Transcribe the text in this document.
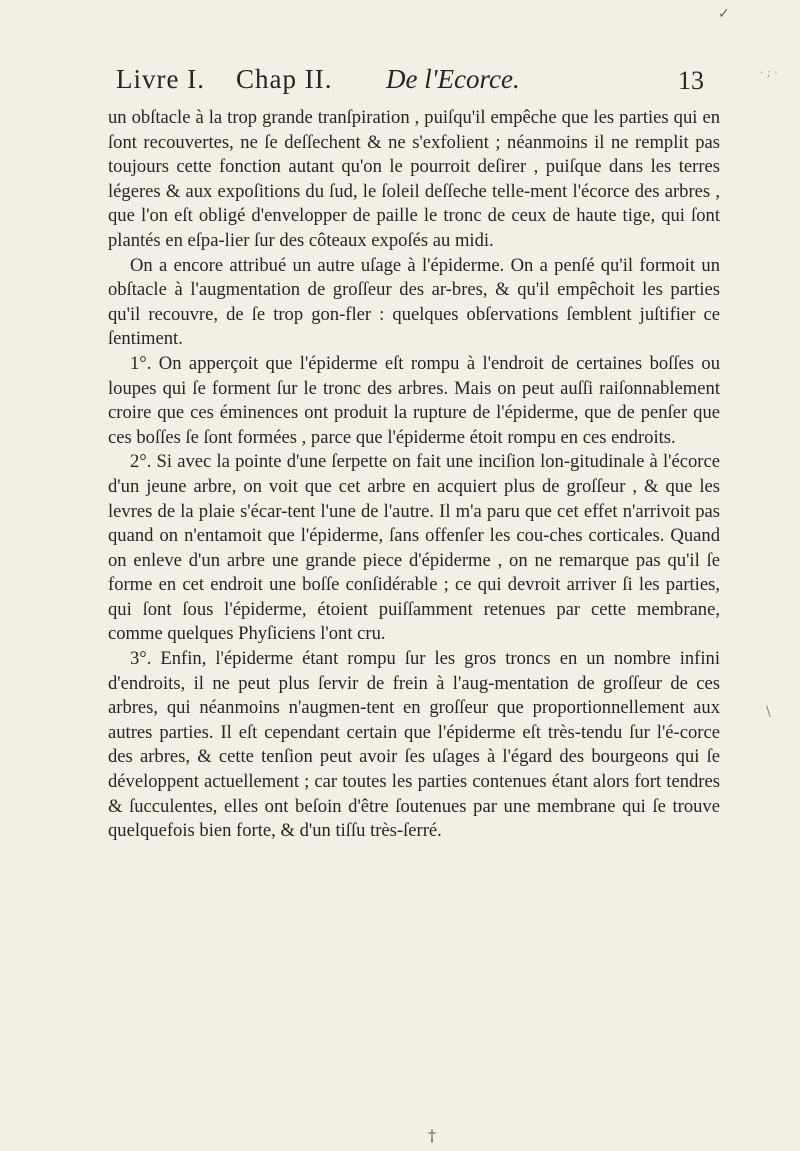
✓
· ; ·
Livre I. Chap II. De l'Ecorce.	13

un obſtacle à la trop grande tranſpiration , puiſqu'il empêche que les parties qui en ſont recouvertes, ne ſe deſſechent & ne s'exfolient ; néanmoins il ne remplit pas toujours cette fonction autant qu'on le pourroit deſirer , puiſque dans les terres légeres & aux expoſitions du ſud, le ſoleil deſſeche telle-ment l'écorce des arbres , que l'on eſt obligé d'envelopper de paille le tronc de ceux de haute tige, qui ſont plantés en eſpa-lier ſur des côteaux expoſés au midi.

On a encore attribué un autre uſage à l'épiderme. On a penſé qu'il formoit un obſtacle à l'augmentation de groſſeur des ar-bres, & qu'il empêchoit les parties qu'il recouvre, de ſe trop gon-fler : quelques obſervations ſemblent juſtifier ce ſentiment.

1°. On apperçoit que l'épiderme eſt rompu à l'endroit de certaines boſſes ou loupes qui ſe forment ſur le tronc des arbres. Mais on peut auſſi raiſonnablement croire que ces éminences ont produit la rupture de l'épiderme, que de penſer que ces boſſes ſe ſont formées , parce que l'épiderme étoit rompu en ces endroits.

2°. Si avec la pointe d'une ſerpette on fait une inciſion lon-gitudinale à l'écorce d'un jeune arbre, on voit que cet arbre en acquiert plus de groſſeur , & que les levres de la plaie s'écar-tent l'une de l'autre. Il m'a paru que cet effet n'arrivoit pas quand on n'entamoit que l'épiderme, ſans offenſer les cou-ches corticales. Quand on enleve d'un arbre une grande piece d'épiderme , on ne remarque pas qu'il ſe forme en cet endroit une boſſe conſidérable ; ce qui devroit arriver ſi les parties, qui ſont ſous l'épiderme, étoient puiſſamment retenues par cette membrane, comme quelques Phyſiciens l'ont cru.

3°. Enfin, l'épiderme étant rompu ſur les gros troncs en un nombre infini d'endroits, il ne peut plus ſervir de frein à l'aug-mentation de groſſeur de ces arbres, qui néanmoins n'augmen-tent en groſſeur que proportionnellement aux autres parties. Il eſt cependant certain que l'épiderme eſt très-tendu ſur l'é-corce des arbres, & cette tenſion peut avoir ſes uſages à l'égard des bourgeons qui ſe développent actuellement ; car toutes les parties contenues étant alors fort tendres & ſucculentes, elles ont beſoin d'être ſoutenues par une membrane qui ſe trouve quelquefois bien forte, & d'un tiſſu très-ſerré.

\
†
